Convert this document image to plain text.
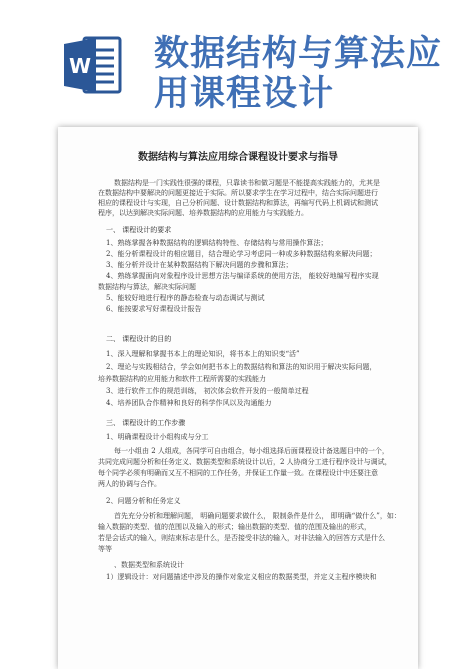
W 数据结构与算法应
用课程设计
数据结构与算法应用综合课程设计要求与指导
数据结构是一门实践性很强的课程，只靠读书和做习题是不能提高实践能力的，尤其是
在数据结构中要解决的问题更接近于实际。所以要求学生在学习过程中，结合实际问题进行
相应的课程设计与实现，自己分析问题、设计数据结构和算法，再编写代码上机调试和测试
程序，以达到解决实际问题、培养数据结构的应用能力与实践能力。
一、 课程设计的要求
1、熟练掌握各种数据结构的逻辑结构特性、存储结构与常用操作算法；
2、能分析课程设计的相应题目，结合理论学习考虑同一种或多种数据结构来解决问题；
3、能分析并设计在某种数据结构下解决问题的步骤和算法；
4、熟练掌握面向对象程序设计思想方法与编译系统的使用方法， 能较好地编写程序实现
数据结构与算法，解决实际问题
5、能较好地进行程序的静态检查与动态调试与测试
6、能按要求写好课程设计报告
二、 课程设计的目的
1、深入理解和掌握书本上的理论知识，将书本上的知识变“活”
2、理论与实践相结合，学会如何把书本上的数据结构和算法的知识用于解决实际问题，
培养数据结构的应用能力和软件工程所需要的实践能力
3、进行软件工作的规范训练， 初次体会软件开发的一般简单过程
4、培养团队合作精神和良好的科学作风以及沟通能力
三、 课程设计的工作步骤
1、明确课程设计小组构成与分工
每一小组由 2 人组成，各同学可自由组合，每小组选择后面课程设计备选题目中的一个，
共同完成问题分析和任务定义、数据类型和系统设计以后，2 人协商分工进行程序设计与调试，
每个同学必须有明确而又互不相同的工作任务，并保证工作量一致。在课程设计中还要注意
两人的协调与合作。
2、问题分析和任务定义
首先充分分析和理解问题， 明确问题要求做什么， 限制条件是什么， 即明确“做什么”，如：
输入数据的类型、值的范围以及输入的形式；输出数据的类型、值的范围及输出的形式，
若是会话式的输入，则结束标志是什么，是否接受非法的输入，对非法输入的回答方式是什么
等等
、数据类型和系统设计
1）逻辑设计：对问题描述中涉及的操作对象定义相应的数据类型，并定义主程序模块和
